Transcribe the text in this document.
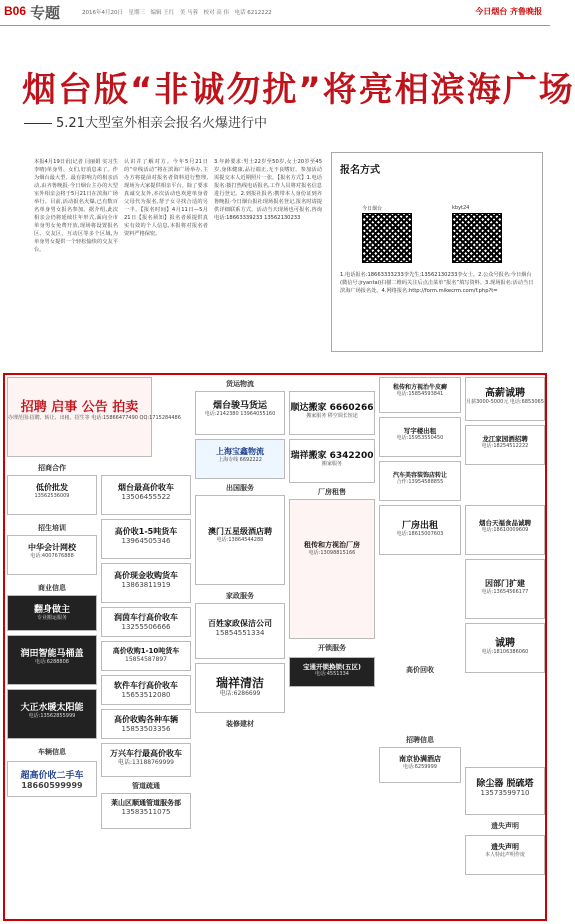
B06 专题	2016年4月20日　星期三　编辑 王红　美 马蓉　校对 高 伟　电话 6212222	今日烟台 齐鲁晚报
烟台版“非诚勿扰”将亮相滨海广场
5.21大型室外相亲会报名火爆进行中
本报4月19日讯(记者 闫丽娟 实习生 李晴)单身男、女们,好消息来了。作为烟台最大型、最有影响力的相亲活动,由齐鲁晚报·今日烟台主办的大型室外相亲会将于5月21日在滨海广场举行。目前,活动报名火爆,已有数百名单身男女报名参加。据介绍,此次相亲会仍将延续往年形式,面向全市单身男女免费开放,现场将设置报名区、交友区、互动区等多个区域,为单身男女提供一个轻松愉快的交友平台。
认识并了解对方。今年5月21日的“牵线活动”将在滨海广场举办,主办方将提前对报名者资料进行整理,现场为大家提供相亲平台。除了要求真诚交友外,本次活动也欢迎单身者父母代为报名,帮子女寻找合适的另一半。【报名时间】4月11日—5月21日【报名须知】报名者须提供真实有效的个人信息,本报将对报名者资料严格保密。
3.年龄要求:男士22岁至50岁,女士20岁至45岁,身体健康,品行端正,无不良嗜好。参加活动需提交本人近期照片一张。【报名方式】1.电话报名:拨打热线电话报名,工作人员将对报名信息进行登记。2.到报社报名:携带本人身份证到齐鲁晚报·今日烟台报社现场报名登记,报名时请提供详细联系方式。活动当天现场也可报名,咨询电话:18663339233 13562130233
报名方式
今日烟台	kbyt24
1.电话报名:18663333233李先生;13562130233李女士。2.公众号报名:今日烟台(微信号:jryantai)扫描二维码关注后点击菜单“报名”填写资料。3.现场报名:活动当日滨海广场报名处。4.网络报名:http://form.mikecrm.com/f.php?t=
招聘 启事 公告 拍卖
办理范围:招聘、转让、出租、招生等 电话:15866477490 QQ:1715284486
招商合作
低价批发
13562536009
招生培训
中华会计网校
电话:4007676888
商业信息
翻身做主
专业搬运服务
润田智能马桶盖
电话:6288808
大正水暖太阳能
电话:13562855999
车辆信息
超高价收二手车
18660599999
烟台最高价收车
13506455522
高价收1-5吨货车
13964505346
高价现金收购货车
13863811919
润茵车行高价收车
13255506666
高价收购1-10吨货车
15854587897
软件车行高价收车
15653512080
高价收购各种车辆
15853503356
万兴车行最高价收车
电话:13188769999
管道疏通
莱山区顺通管道服务部
13583511075
货运物流
烟台骏马货运
电话:2142380 13964055160
上海宝鑫物流
上海专线 6692222
出国服务
澳门五星级酒店聘
电话:13864544288
家政服务
百姓家政保洁公司
15854551334
瑞祥清洁
电话:6286699
装修建材
顺达搬家 6660266
搬家服务 移空调长短途
瑞祥搬家 6342200
搬家服务
厂房租售
租传和方视治厂房
电话:13098815166
开锁服务
宝通开锁换锁(五区)
电话:4551334
租传和方视治牛皮癣
电话:15854593841
写字楼出租
电话:15953550450
汽车美容装饰店转让
合作:13954588855
厂房出租
电话:18615007603
高价回收
招聘信息
南京协满酒店
电话:6259999
高薪诚聘
月薪3000-5000元 电话:6853065
龙江家园酒招聘
电话:18254512222
烟台天福食品诚聘
电话:18610009609
因部门扩建
电话:13654566177
诚聘
电话:18106386060
除尘器 脱硫塔
13573599710
遗失声明
遗失声明
本人特此声明作废
